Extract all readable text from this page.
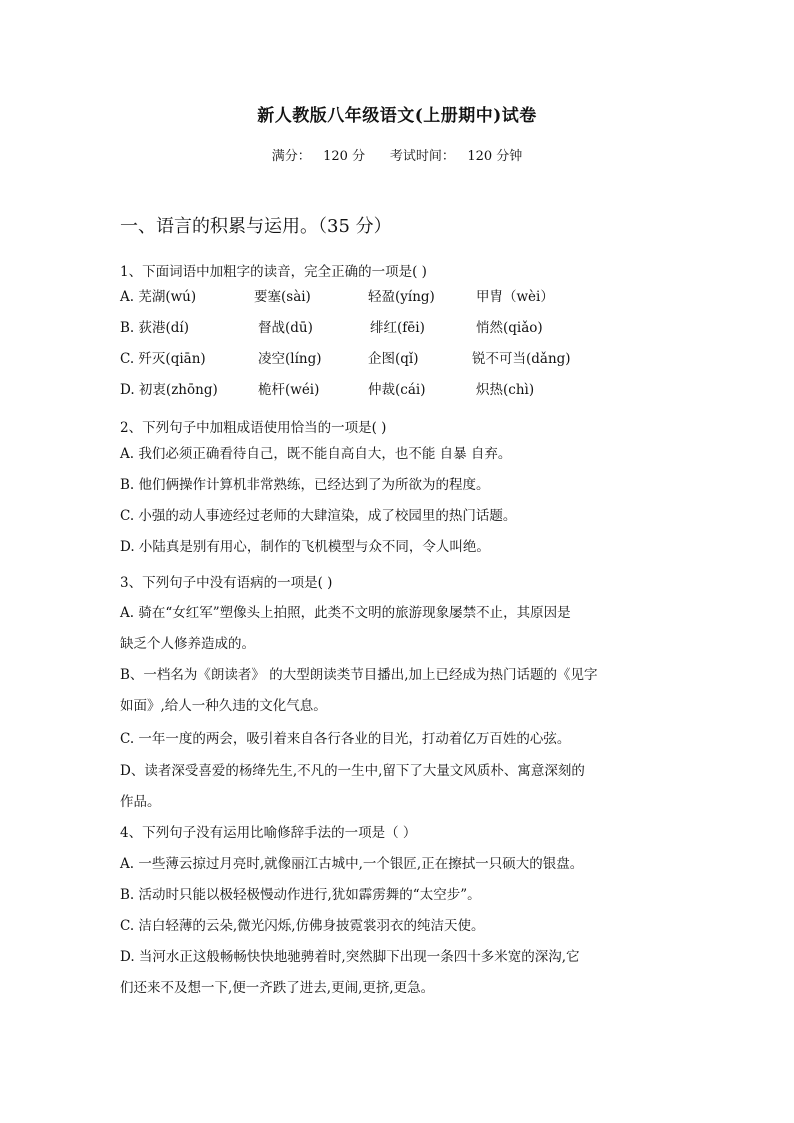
新人教版八年级语文(上册期中)试卷
满分： 120 分 考试时间： 120 分钟
一、语言的积累与运用。（35 分）
1、下面词语中加粗字的读音，完全正确的一项是( )
A. 芜湖(wú)	要塞(sài)	轻盈(yíng)	甲胄（wèi）
B. 荻港(dí)	督战(dū)	绯红(fēi)	悄然(qiǎo)
C. 歼灭(qiān)	凌空(líng)	企图(qǐ)	锐不可当(dǎng)
D. 初衷(zhōng)	桅杆(wéi)	仲裁(cái)	炽热(chì)
2、下列句子中加粗成语使用恰当的一项是( )
A. 我们必须正确看待自己，既不能自高自大，也不能 自暴 自弃。
B. 他们俩操作计算机非常熟练，已经达到了为所欲为的程度。
C. 小强的动人事迹经过老师的大肆渲染，成了校园里的热门话题。
D. 小陆真是别有用心，制作的飞机模型与众不同，令人叫绝。
3、下列句子中没有语病的一项是( )
A. 骑在“女红军”塑像头上拍照，此类不文明的旅游现象屡禁不止，其原因是
缺乏个人修养造成的。
B、一档名为《朗读者》 的大型朗读类节目播出,加上已经成为热门话题的《见字
如面》,给人一种久违的文化气息。
C. 一年一度的两会，吸引着来自各行各业的目光，打动着亿万百姓的心弦。
D、读者深受喜爱的杨绛先生,不凡的一生中,留下了大量文风质朴、寓意深刻的
作品。
4、下列句子没有运用比喻修辞手法的一项是（ ）
A. 一些薄云掠过月亮时,就像丽江古城中,一个银匠,正在擦拭一只硕大的银盘。
B. 活动时只能以极轻极慢动作进行,犹如霹雳舞的“太空步”。
C. 洁白轻薄的云朵,微光闪烁,仿佛身披霓裳羽衣的纯洁天使。
D. 当河水正这般畅畅快快地驰骋着时,突然脚下出现一条四十多米宽的深沟,它
们还来不及想一下,便一齐跌了进去,更闹,更挤,更急。
